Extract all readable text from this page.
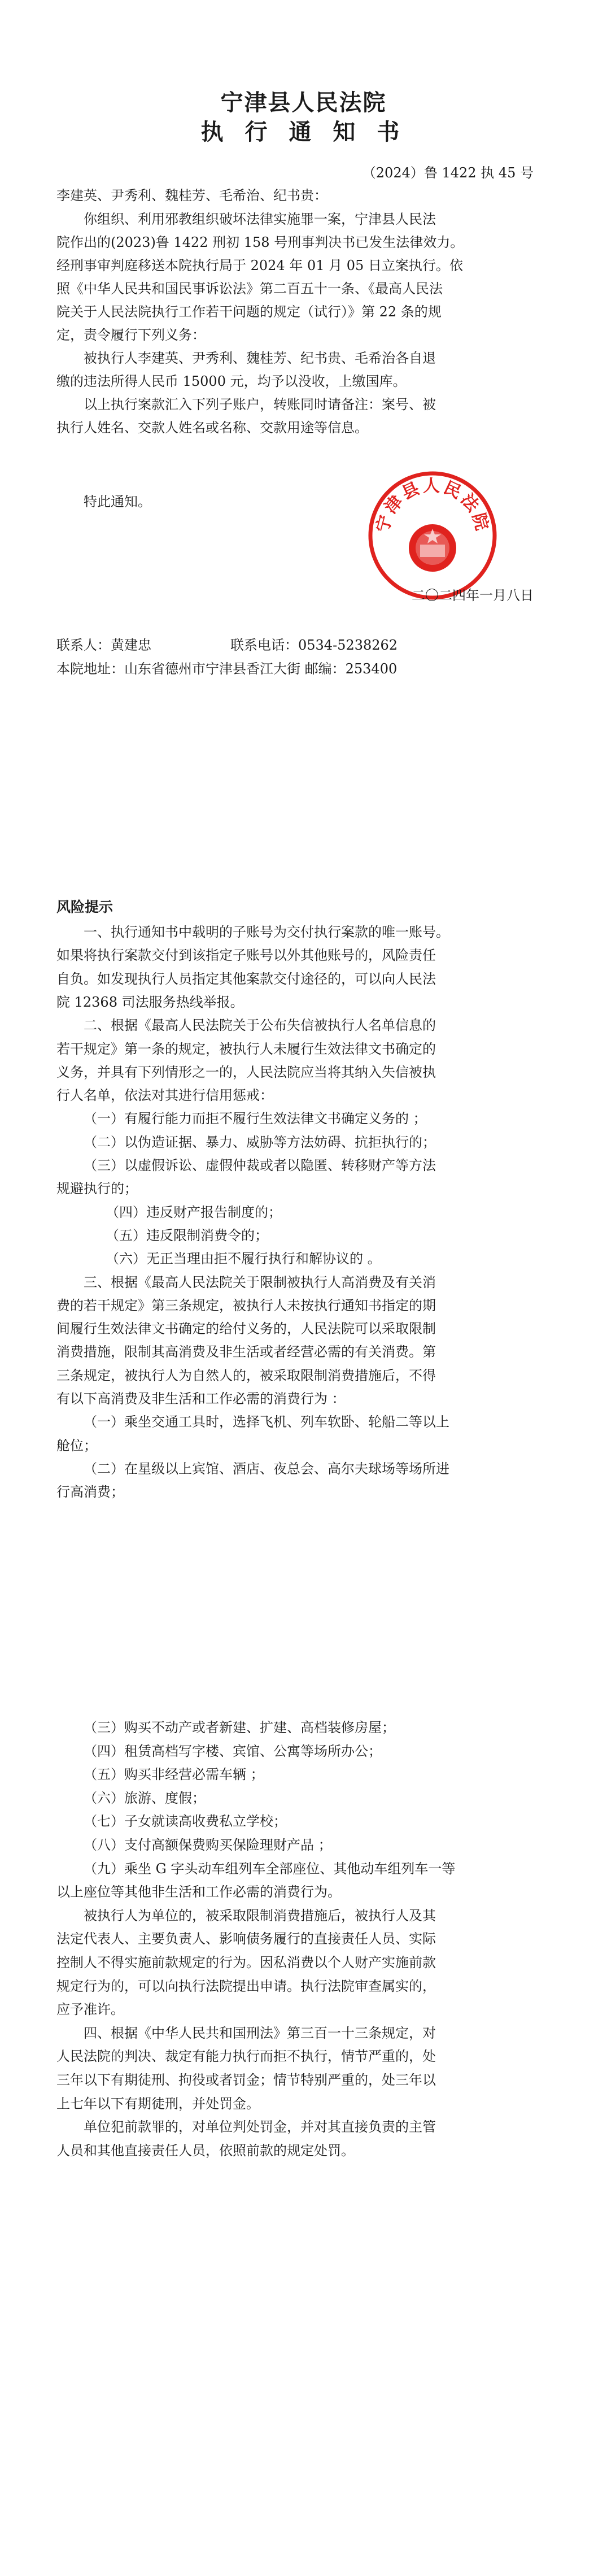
宁津县人民法院
执 行 通 知 书
（2024）鲁 1422 执 45 号
李建英、尹秀利、魏桂芳、毛希治、纪书贵：
你组织、利用邪教组织破坏法律实施罪一案，宁津县人民法
院作出的(2023)鲁 1422 刑初 158 号刑事判决书已发生法律效力。
经刑事审判庭移送本院执行局于 2024 年 01 月 05 日立案执行。依
照《中华人民共和国民事诉讼法》第二百五十一条、《最高人民法
院关于人民法院执行工作若干问题的规定（试行）》第 22 条的规
定，责令履行下列义务：
被执行人李建英、尹秀利、魏桂芳、纪书贵、毛希治各自退
缴的违法所得人民币 15000 元，均予以没收，上缴国库。
以上执行案款汇入下列子账户，转账同时请备注：案号、被
执行人姓名、交款人姓名或名称、交款用途等信息。
特此通知。
宁津县人民法院
二〇二四年一月八日
联系人：黄建忠	联系电话：0534-5238262
本院地址：山东省德州市宁津县香江大街 邮编：253400
风险提示
一、执行通知书中载明的子账号为交付执行案款的唯一账号。
如果将执行案款交付到该指定子账号以外其他账号的，风险责任
自负。如发现执行人员指定其他案款交付途径的，可以向人民法
院 12368 司法服务热线举报。
二、根据《最高人民法院关于公布失信被执行人名单信息的
若干规定》第一条的规定，被执行人未履行生效法律文书确定的
义务，并具有下列情形之一的，人民法院应当将其纳入失信被执
行人名单，依法对其进行信用惩戒：
（一）有履行能力而拒不履行生效法律文书确定义务的 ；
（二）以伪造证据、暴力、威胁等方法妨碍、抗拒执行的；
（三）以虚假诉讼、虚假仲裁或者以隐匿、转移财产等方法
规避执行的；
（四）违反财产报告制度的；
（五）违反限制消费令的；
（六）无正当理由拒不履行执行和解协议的 。
三、根据《最高人民法院关于限制被执行人高消费及有关消
费的若干规定》第三条规定，被执行人未按执行通知书指定的期
间履行生效法律文书确定的给付义务的，人民法院可以采取限制
消费措施，限制其高消费及非生活或者经营必需的有关消费。第
三条规定，被执行人为自然人的，被采取限制消费措施后，不得
有以下高消费及非生活和工作必需的消费行为 ：
（一）乘坐交通工具时，选择飞机、列车软卧、轮船二等以上
舱位；
（二）在星级以上宾馆、酒店、夜总会、高尔夫球场等场所进
行高消费；
（三）购买不动产或者新建、扩建、高档装修房屋；
（四）租赁高档写字楼、宾馆、公寓等场所办公；
（五）购买非经营必需车辆 ；
（六）旅游、度假；
（七）子女就读高收费私立学校；
（八）支付高额保费购买保险理财产品 ；
（九）乘坐 G 字头动车组列车全部座位、其他动车组列车一等
以上座位等其他非生活和工作必需的消费行为。
被执行人为单位的，被采取限制消费措施后，被执行人及其
法定代表人、主要负责人、影响债务履行的直接责任人员、实际
控制人不得实施前款规定的行为。因私消费以个人财产实施前款
规定行为的，可以向执行法院提出申请。执行法院审查属实的，
应予准许。
四、根据《中华人民共和国刑法》第三百一十三条规定，对
人民法院的判决、裁定有能力执行而拒不执行，情节严重的，处
三年以下有期徒刑、拘役或者罚金；情节特别严重的，处三年以
上七年以下有期徒刑，并处罚金。
单位犯前款罪的，对单位判处罚金，并对其直接负责的主管
人员和其他直接责任人员，依照前款的规定处罚。
